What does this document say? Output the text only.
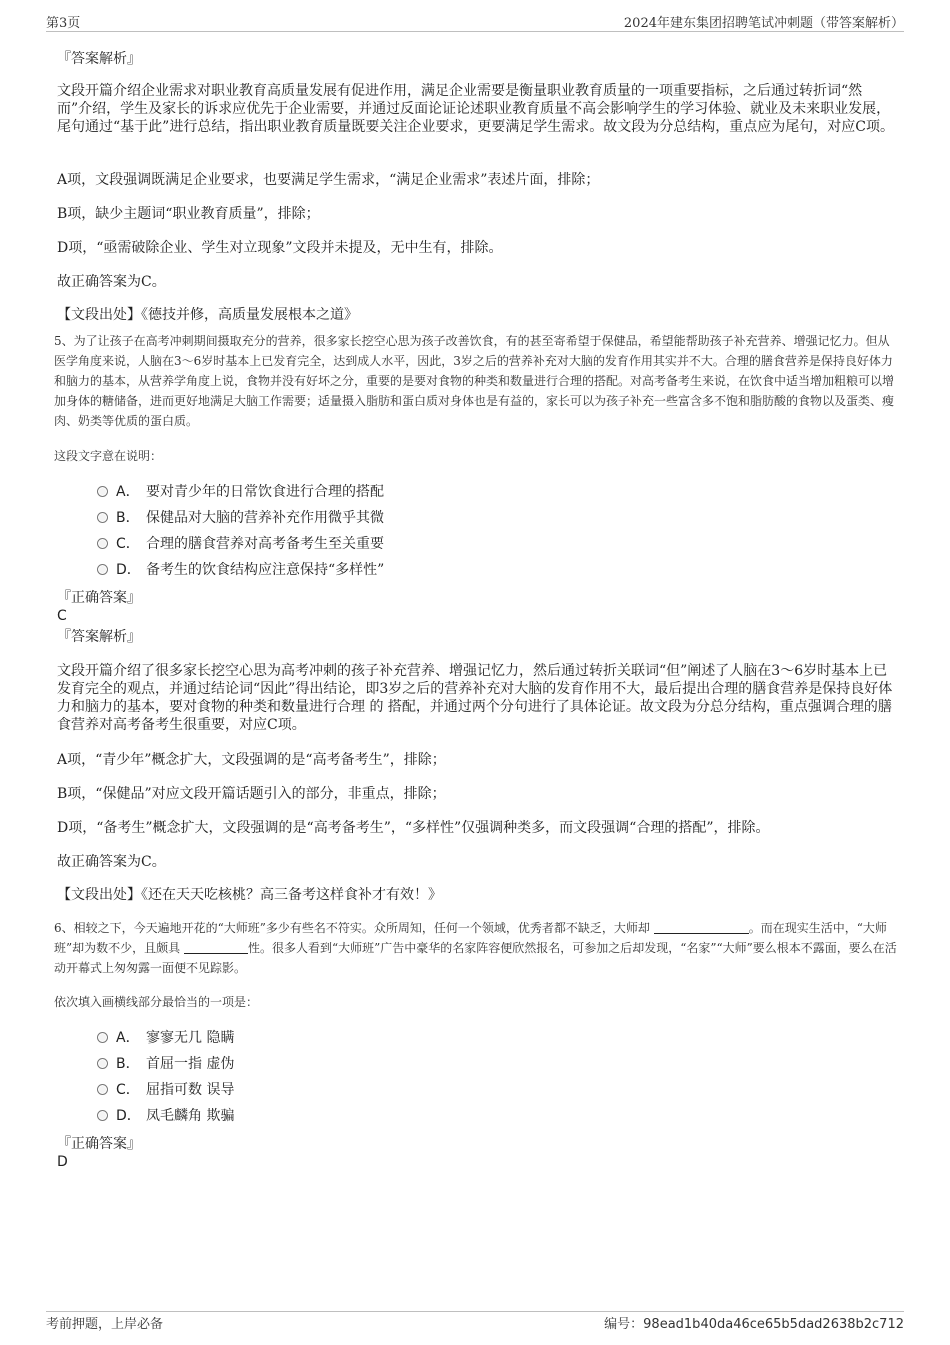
第3页	2024年建东集团招聘笔试冲刺题（带答案解析）
『答案解析』
文段开篇介绍企业需求对职业教育高质量发展有促进作用，满足企业需要是衡量职业教育质量的一项重要指标，之后通过转折词“然而”介绍，学生及家长的诉求应优先于企业需要，并通过反面论证论述职业教育质量不高会影响学生的学习体验、就业及未来职业发展，尾句通过“基于此”进行总结，指出职业教育质量既要关注企业要求，更要满足学生需求。故文段为分总结构，重点应为尾句，对应C项。
A项，文段强调既满足企业要求，也要满足学生需求，“满足企业需求”表述片面，排除；
B项，缺少主题词“职业教育质量”，排除；
D项，“亟需破除企业、学生对立现象”文段并未提及，无中生有，排除。
故正确答案为C。
【文段出处】《德技并修，高质量发展根本之道》
5、为了让孩子在高考冲刺期间摄取充分的营养，很多家长挖空心思为孩子改善饮食，有的甚至寄希望于保健品，希望能帮助孩子补充营养、增强记忆力。但从医学角度来说，人脑在3～6岁时基本上已发育完全，达到成人水平，因此，3岁之后的营养补充对大脑的发育作用其实并不大。合理的膳食营养是保持良好体力和脑力的基本，从营养学角度上说，食物并没有好坏之分，重要的是要对食物的种类和数量进行合理的搭配。对高考备考生来说，在饮食中适当增加粗粮可以增加身体的糖储备，进而更好地满足大脑工作需要；适量摄入脂肪和蛋白质对身体也是有益的，家长可以为孩子补充一些富含多不饱和脂肪酸的食物以及蛋类、瘦肉、奶类等优质的蛋白质。
这段文字意在说明：
A． 要对青少年的日常饮食进行合理的搭配
B． 保健品对大脑的营养补充作用微乎其微
C． 合理的膳食营养对高考备考生至关重要
D． 备考生的饮食结构应注意保持“多样性”
『正确答案』
C
『答案解析』
文段开篇介绍了很多家长挖空心思为高考冲刺的孩子补充营养、增强记忆力，然后通过转折关联词“但”阐述了人脑在3～6岁时基本上已发育完全的观点，并通过结论词“因此”得出结论，即3岁之后的营养补充对大脑的发育作用不大，最后提出合理的膳食营养是保持良好体力和脑力的基本，要对食物的种类和数量进行合理 的 搭配，并通过两个分句进行了具体论证。故文段为分总分结构，重点强调合理的膳食营养对高考备考生很重要，对应C项。
A项，“青少年”概念扩大，文段强调的是“高考备考生”，排除；
B项，“保健品”对应文段开篇话题引入的部分，非重点，排除；
D项，“备考生”概念扩大，文段强调的是“高考备考生”，“多样性”仅强调种类多，而文段强调“合理的搭配”，排除。
故正确答案为C。
【文段出处】《还在天天吃核桃？高三备考这样食补才有效！》
6、相较之下，今天遍地开花的“大师班”多少有些名不符实。众所周知，任何一个领域，优秀者都不缺乏，大师却	。而在现实生活中，“大师班”却为数不少，且颇具	性。很多人看到“大师班”广告中豪华的名家阵容便欣然报名，可参加之后却发现，“名家”“大师”要么根本不露面，要么在活动开幕式上匆匆露一面便不见踪影。
依次填入画横线部分最恰当的一项是：
A． 寥寥无几 隐瞒
B． 首屈一指 虚伪
C． 屈指可数 误导
D． 凤毛麟角 欺骗
『正确答案』
D
考前押题，上岸必备	编号：98ead1b40da46ce65b5dad2638b2c712
